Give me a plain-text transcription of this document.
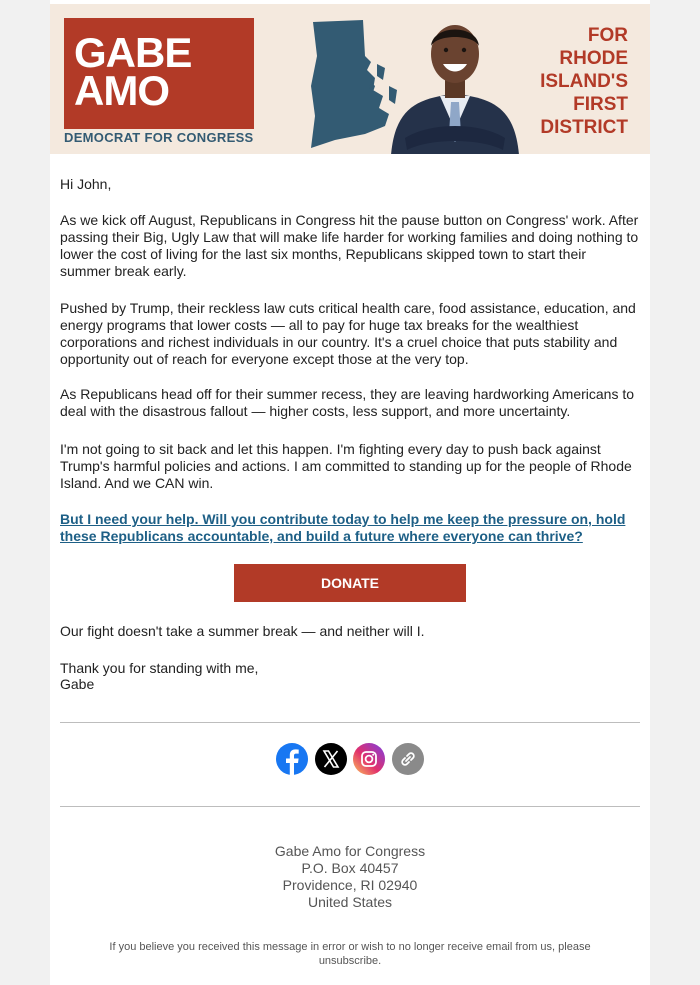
GABE
AMO
DEMOCRAT FOR CONGRESS
FOR
RHODE
ISLAND'S
FIRST
DISTRICT

Hi John,

As we kick off August, Republicans in Congress hit the pause button on Congress' work. After passing their Big, Ugly Law that will make life harder for working families and doing nothing to lower the cost of living for the last six months, Republicans skipped town to start their summer break early.

Pushed by Trump, their reckless law cuts critical health care, food assistance, education, and energy programs that lower costs — all to pay for huge tax breaks for the wealthiest corporations and richest individuals in our country. It's a cruel choice that puts stability and opportunity out of reach for everyone except those at the very top.

As Republicans head off for their summer recess, they are leaving hardworking Americans to deal with the disastrous fallout — higher costs, less support, and more uncertainty.

I'm not going to sit back and let this happen. I'm fighting every day to push back against Trump's harmful policies and actions. I am committed to standing up for the people of Rhode Island. And we CAN win.

But I need your help. Will you contribute today to help me keep the pressure on, hold these Republicans accountable, and build a future where everyone can thrive?
DONATE

Our fight doesn't take a summer break — and neither will I.

Thank you for standing with me,

Gabe

Gabe Amo for Congress
P.O. Box 40457
Providence, RI 02940
United States
If you believe you received this message in error or wish to no longer receive email from us, please unsubscribe.
